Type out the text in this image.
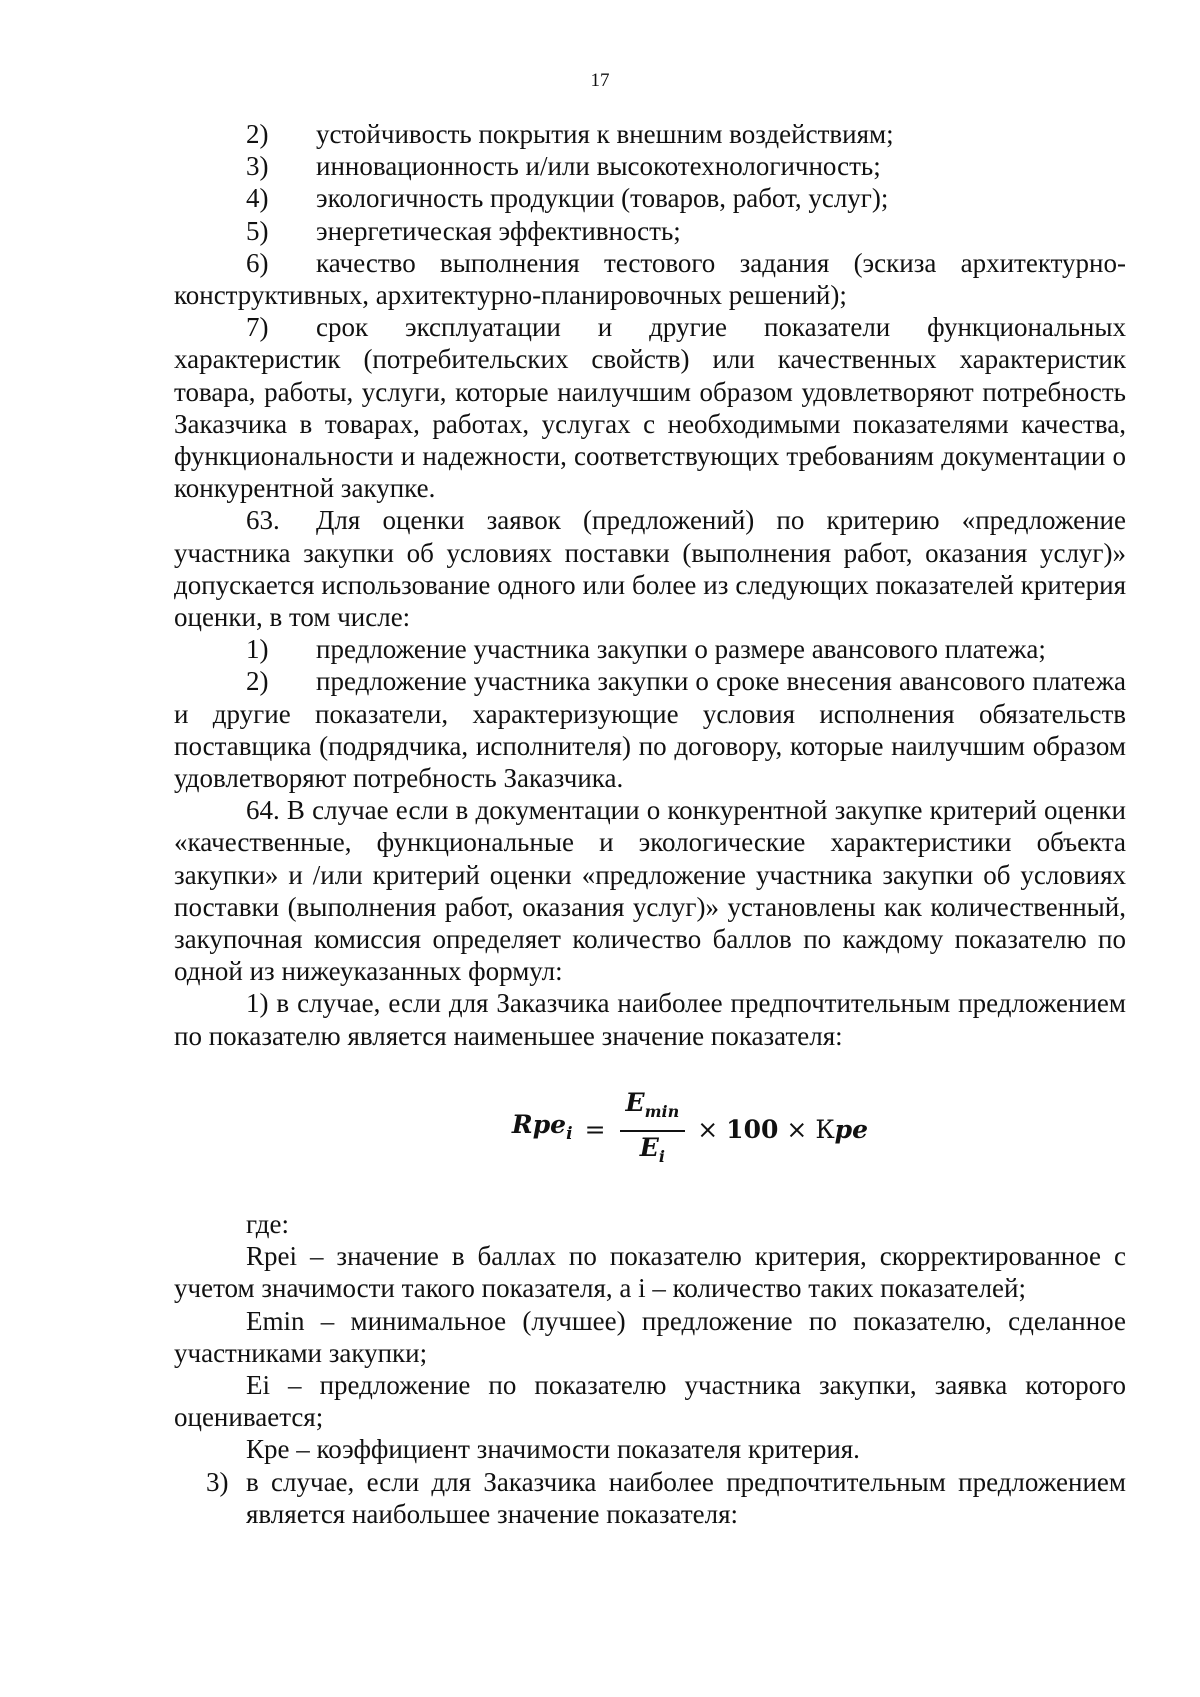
17

2) устойчивость покрытия к внешним воздействиям;

3) инновационность и/или высокотехнологичность;

4) экологичность продукции (товаров, работ, услуг);

5) энергетическая эффективность;

6) качество выполнения тестового задания (эскиза архитектурно-конструктивных, архитектурно-планировочных решений);

7) срок эксплуатации и другие показатели функциональных характеристик (потребительских свойств) или качественных характеристик товара, работы, услуги, которые наилучшим образом удовлетворяют потребность Заказчика в товарах, работах, услугах с необходимыми показателями качества, функциональности и надежности, соответствующих требованиям документации о конкурентной закупке.

63. Для оценки заявок (предложений) по критерию «предложение участника закупки об условиях поставки (выполнения работ, оказания услуг)» допускается использование одного или более из следующих показателей критерия оценки, в том числе:

1) предложение участника закупки о размере авансового платежа;

2) предложение участника закупки о сроке внесения авансового платежа и другие показатели, характеризующие условия исполнения обязательств поставщика (подрядчика, исполнителя) по договору, которые наилучшим образом удовлетворяют потребность Заказчика.

64. В случае если в документации о конкурентной закупке критерий оценки «качественные, функциональные и экологические характеристики объекта закупки» и /или критерий оценки «предложение участника закупки об условиях поставки (выполнения работ, оказания услуг)» установлены как количественный, закупочная комиссия определяет количество баллов по каждому показателю по одной из нижеуказанных формул:

1) в случае, если для Заказчика наиболее предпочтительным предложением по показателю является наименьшее значение показателя:

$Rpe_i = \frac{E_{min}}{E_i} \times 100$ × Кpe

где:

Rpei – значение в баллах по показателю критерия, скорректированное с учетом значимости такого показателя, а i – количество таких показателей;

Emin – минимальное (лучшее) предложение по показателю, сделанное участниками закупки;

Ei – предложение по показателю участника закупки, заявка которого оценивается;

Кре – коэффициент значимости показателя критерия.

3) в случае, если для Заказчика наиболее предпочтительным предложением является наибольшее значение показателя:
